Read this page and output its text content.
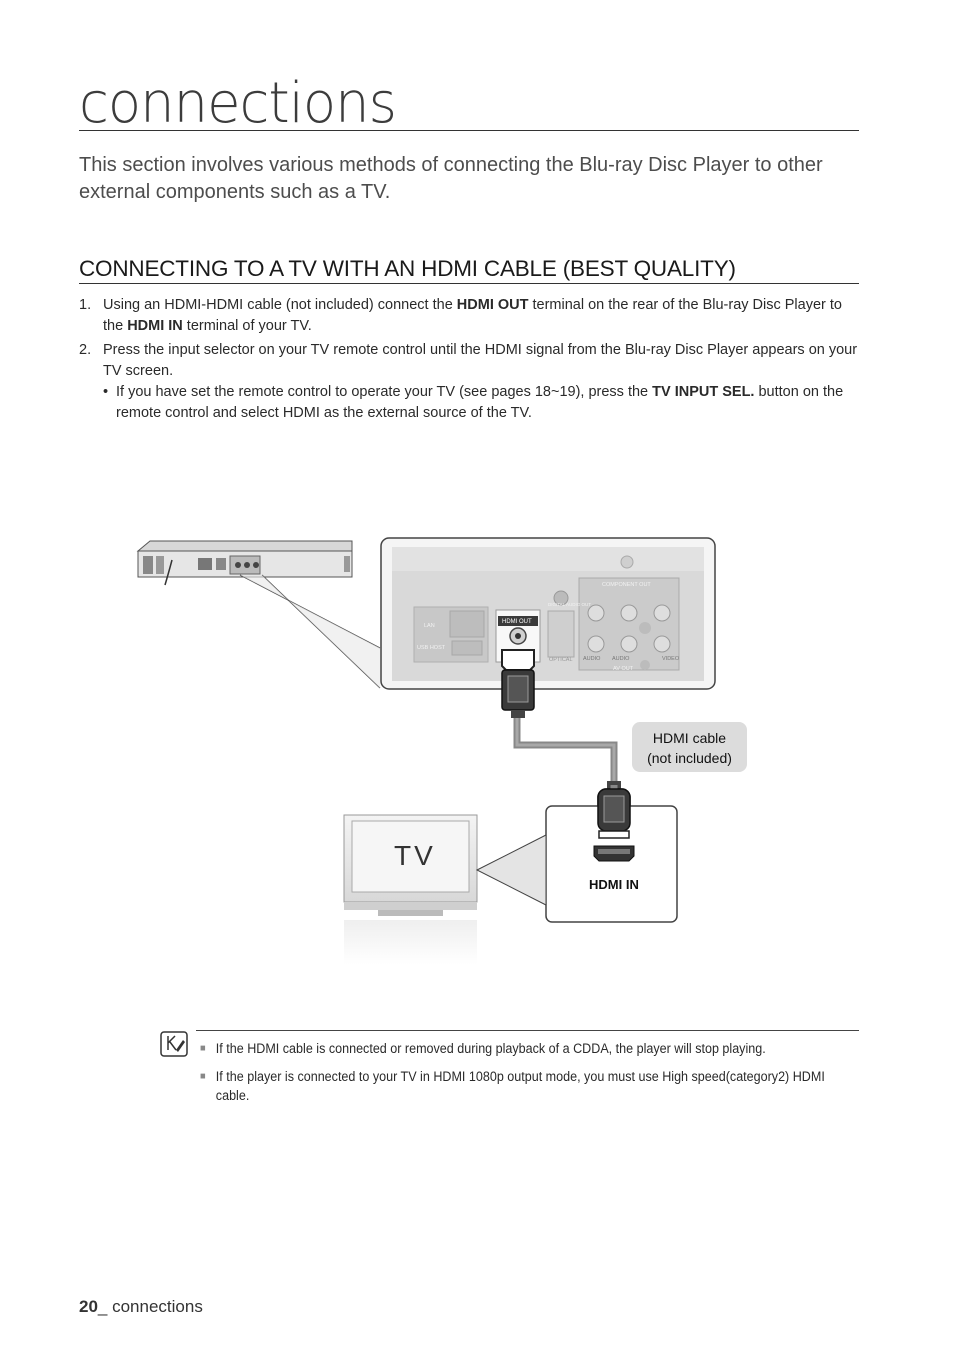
connections
This section involves various methods of connecting the Blu-ray Disc Player to other external components such as a TV.
CONNECTING TO A TV WITH AN HDMI CABLE (BEST QUALITY)
1. Using an HDMI-HDMI cable (not included) connect the HDMI OUT terminal on the rear of the Blu-ray Disc Player to the HDMI IN terminal of your TV.
2. Press the input selector on your TV remote control until the HDMI signal from the Blu-ray Disc Player appears on your TV screen.
• If you have set the remote control to operate your TV (see pages 18~19), press the TV INPUT SEL. button on the remote control and select HDMI as the external source of the TV.
LAN
USB HOST
COMPONENT OUT
DIGITAL AUDIO OUT
OPTICAL AUDIO AUDIO	VIDEO
AV OUT
HDMI OUT
HDMI cable
(not included)
HDMI IN
TV
■ If the HDMI cable is connected or removed during playback of a CDDA, the player will stop playing.
■ If the player is connected to your TV in HDMI 1080p output mode, you must use High speed(category2) HDMI cable.
20_ connections
